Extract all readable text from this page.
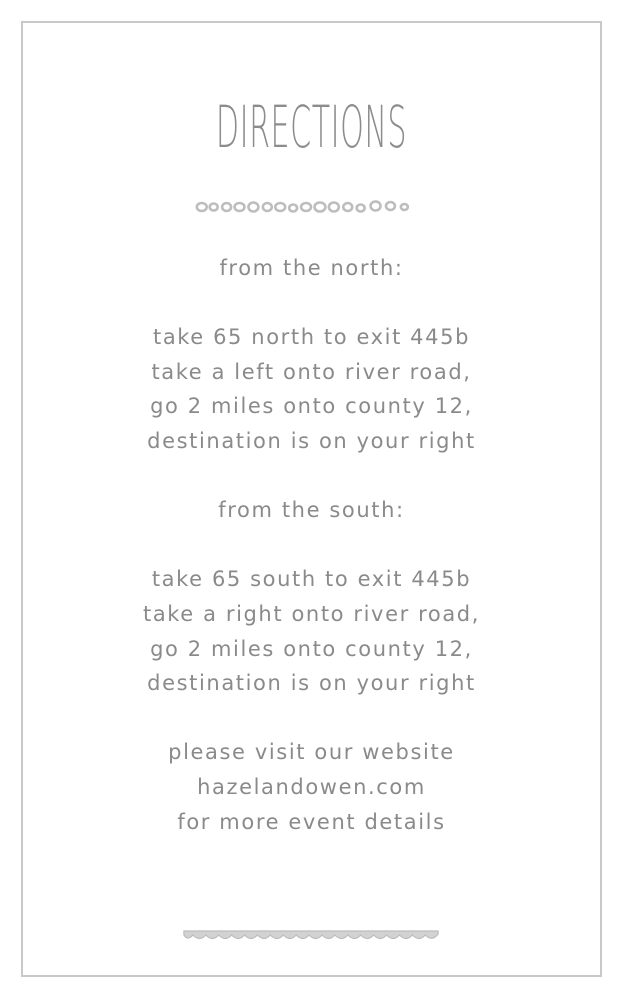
DIRECTIONS
from the north:
take 65 north to exit 445b
take a left onto river road,
go 2 miles onto county 12,
destination is on your right
from the south:
take 65 south to exit 445b
take a right onto river road,
go 2 miles onto county 12,
destination is on your right
please visit our website
hazelandowen.com
for more event details
